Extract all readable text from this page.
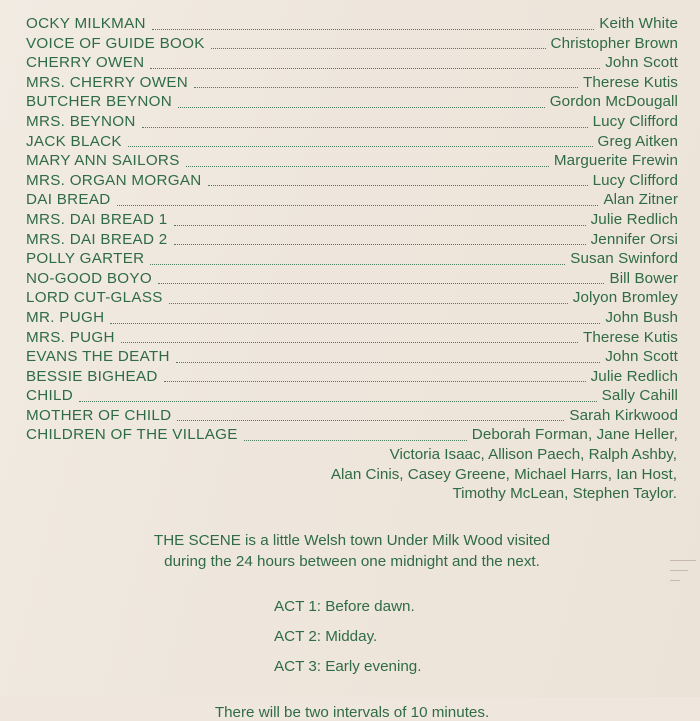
OCKY MILKMAN	Keith White
VOICE OF GUIDE BOOK	Christopher Brown
CHERRY OWEN	John Scott
MRS. CHERRY OWEN	Therese Kutis
BUTCHER BEYNON	Gordon McDougall
MRS. BEYNON	Lucy Clifford
JACK BLACK	Greg Aitken
MARY ANN SAILORS	Marguerite Frewin
MRS. ORGAN MORGAN	Lucy Clifford
DAI BREAD	Alan Zitner
MRS. DAI BREAD 1	Julie Redlich
MRS. DAI BREAD 2	Jennifer Orsi
POLLY GARTER	Susan Swinford
NO-GOOD BOYO	Bill Bower
LORD CUT-GLASS	Jolyon Bromley
MR. PUGH	John Bush
MRS. PUGH	Therese Kutis
EVANS THE DEATH	John Scott
BESSIE BIGHEAD	Julie Redlich
CHILD	Sally Cahill
MOTHER OF CHILD	Sarah Kirkwood
CHILDREN OF THE VILLAGE	Deborah Forman, Jane Heller,
Victoria Isaac, Allison Paech, Ralph Ashby,
Alan Cinis, Casey Greene, Michael Harrs, Ian Host,
Timothy McLean, Stephen Taylor.
THE SCENE is a little Welsh town Under Milk Wood visited
during the 24 hours between one midnight and the next.
ACT 1: Before dawn.
ACT 2: Midday.
ACT 3: Early evening.
There will be two intervals of 10 minutes.
